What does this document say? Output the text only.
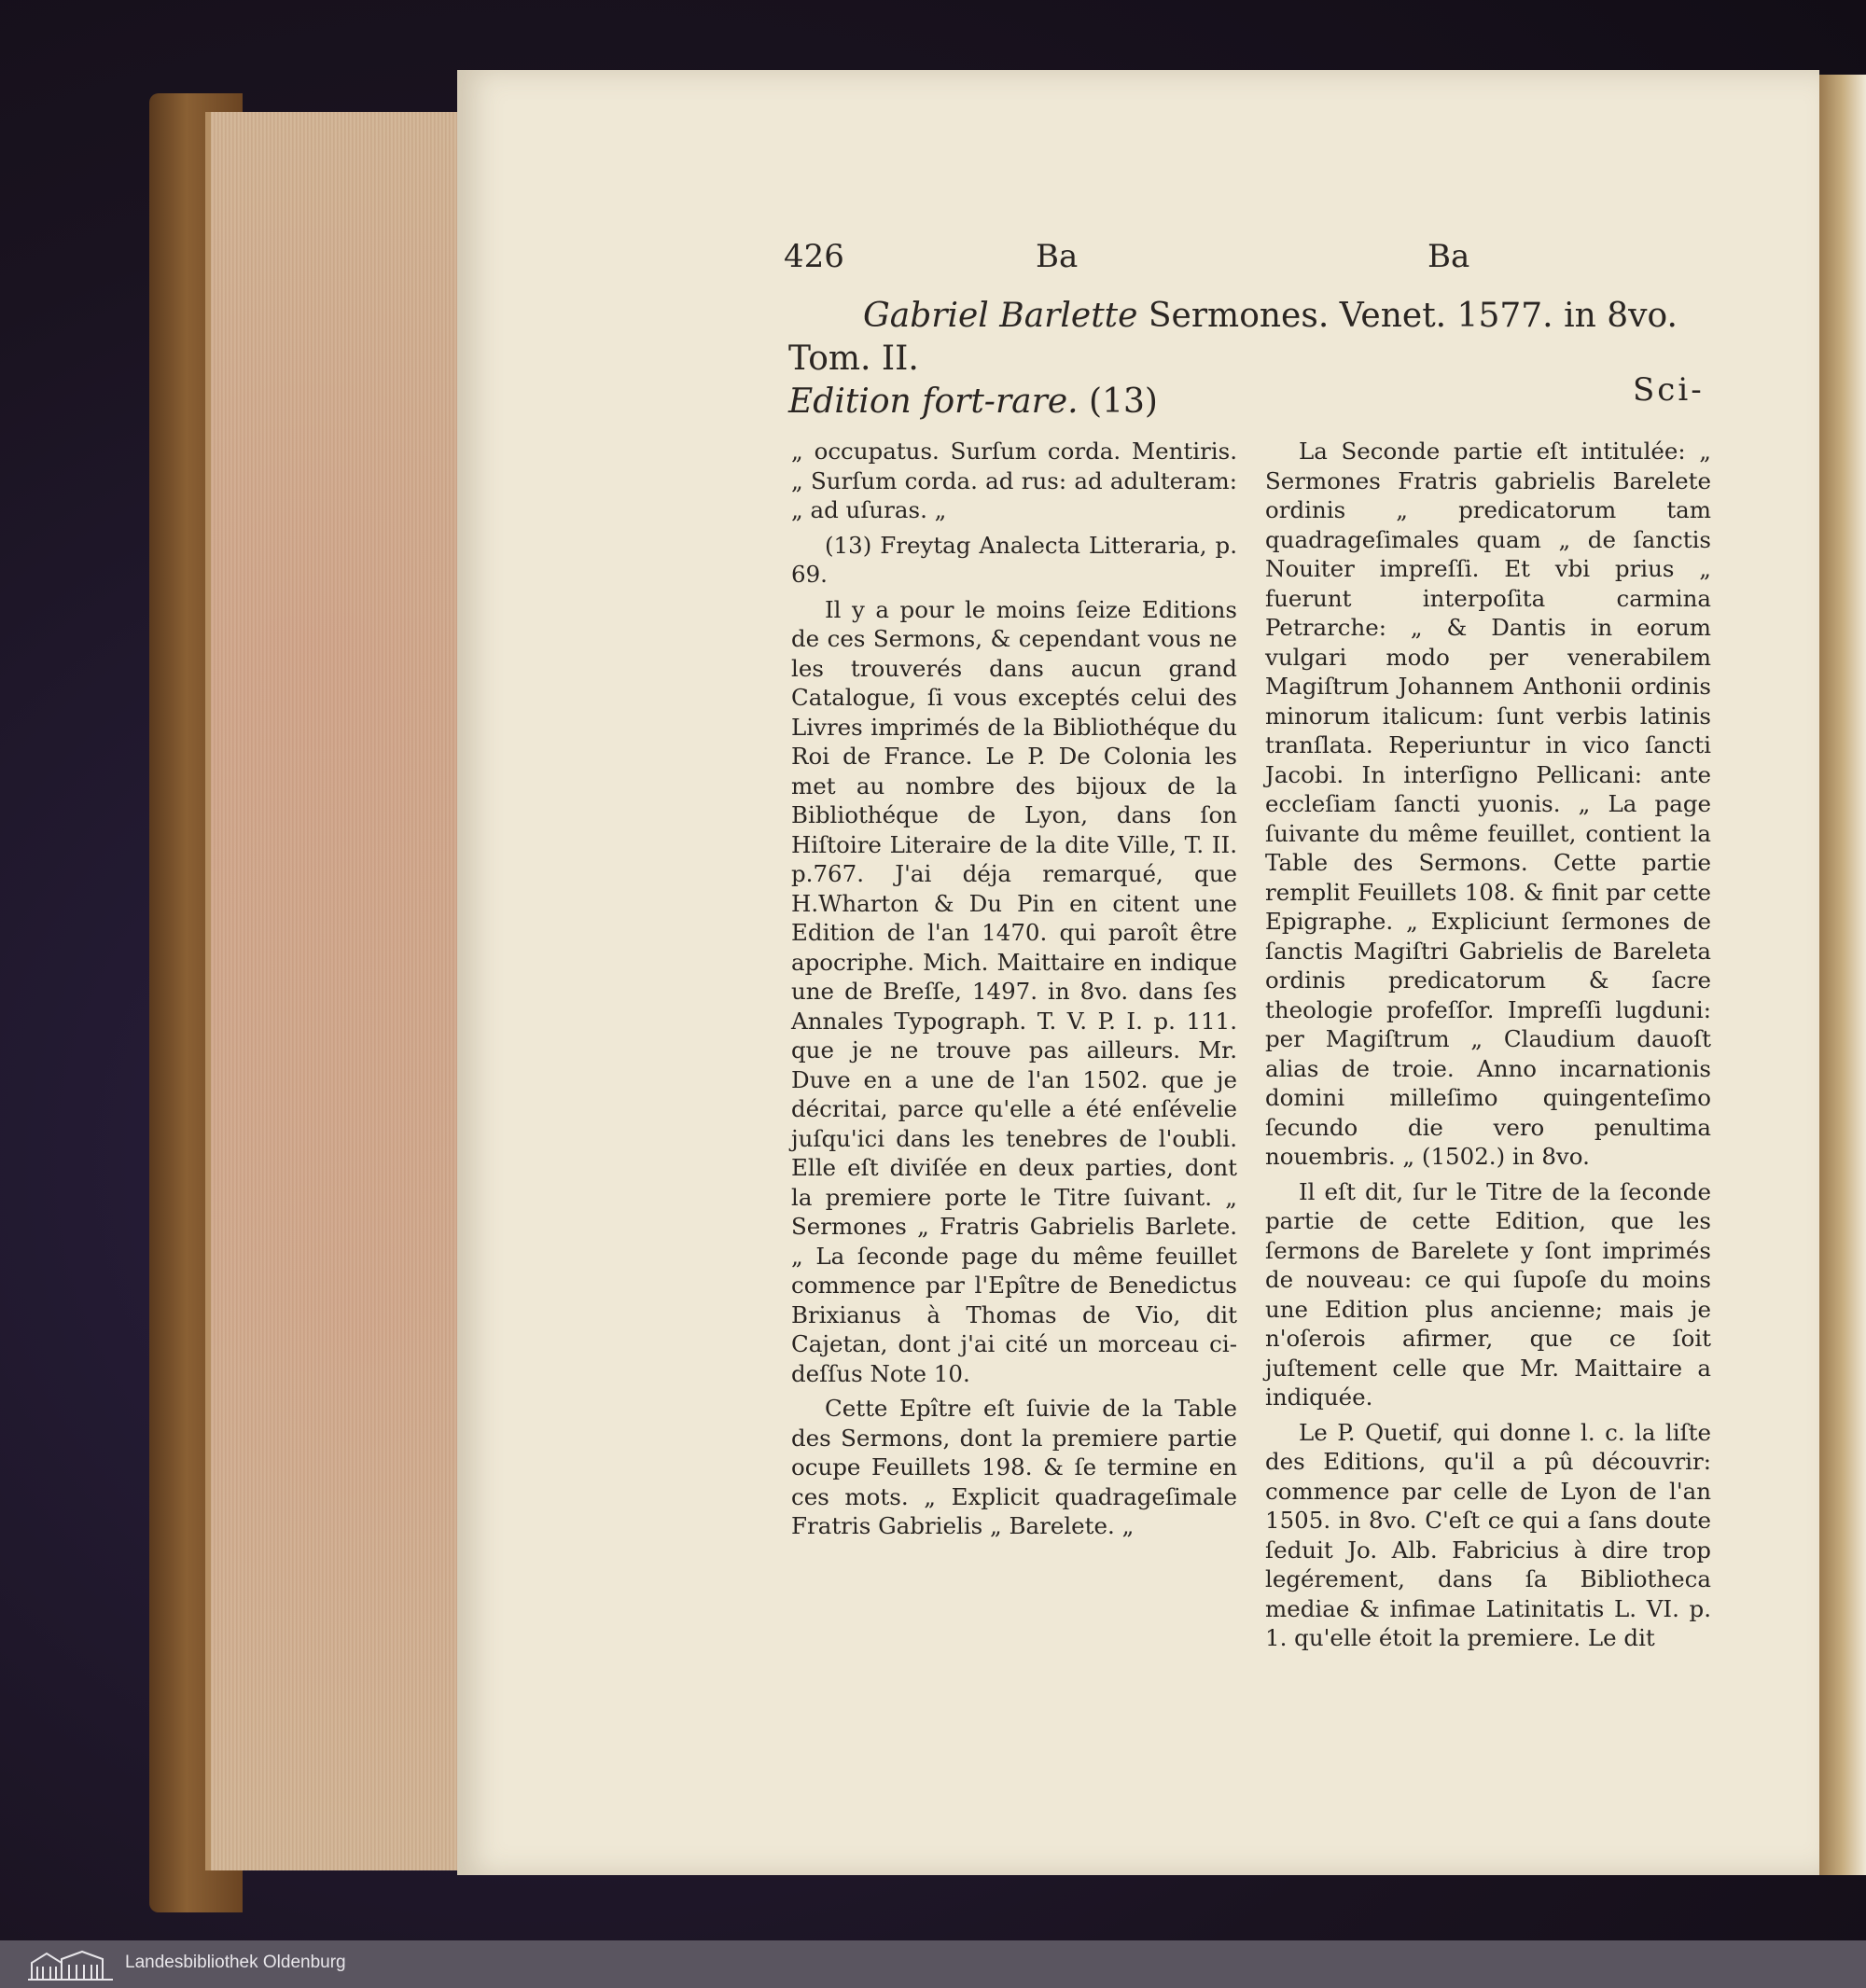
426	Ba	Ba
Gabriel Barlette Sermones. Venet. 1577. in 8vo. Tom. II.
Edition fort-rare. (13)	Sci-

„ occupatus. Surſum corda. Mentiris. „ Surſum corda. ad rus: ad adulteram: „ ad uſuras. „

(13) Freytag Analecta Litteraria, p. 69.

Il y a pour le moins ſeize Editions de ces Sermons, & cependant vous ne les trouverés dans aucun grand Catalogue, ſi vous exceptés celui des Livres imprimés de la Bibliothéque du Roi de France. Le P. De Colonia les met au nombre des bijoux de la Bibliothéque de Lyon, dans ſon Hiſtoire Literaire de la dite Ville, T. II. p.767. J'ai déja remarqué, que H.Wharton & Du Pin en citent une Edition de l'an 1470. qui paroît être apocriphe. Mich. Maittaire en indique une de Breſſe, 1497. in 8vo. dans ſes Annales Typograph. T. V. P. I. p. 111. que je ne trouve pas ailleurs. Mr. Duve en a une de l'an 1502. que je décritai, parce qu'elle a été enſévelie juſqu'ici dans les tenebres de l'oubli. Elle eſt diviſée en deux parties, dont la premiere porte le Titre ſuivant. „ Sermones „ Fratris Gabrielis Barlete. „ La ſeconde page du même feuillet commence par l'Epître de Benedictus Brixianus à Thomas de Vio, dit Cajetan, dont j'ai cité un morceau ci-deſſus Note 10.

Cette Epître eſt ſuivie de la Table des Sermons, dont la premiere partie ocupe Feuillets 198. & ſe termine en ces mots. „ Explicit quadrageſimale Fratris Gabrielis „ Barelete. „

La Seconde partie eſt intitulée: „ Sermones Fratris gabrielis Barelete ordinis „ predicatorum tam quadrageſimales quam „ de ſanctis Nouiter impreſſi. Et vbi prius „ fuerunt interpoſita carmina Petrarche: „ & Dantis in eorum vulgari modo per venerabilem Magiſtrum Johannem Anthonii ordinis minorum italicum: ſunt verbis latinis tranſlata. Reperiuntur in vico ſancti Jacobi. In interſigno Pellicani: ante eccleſiam ſancti yuonis. „ La page ſuivante du même feuillet, contient la Table des Sermons. Cette partie remplit Feuillets 108. & finit par cette Epigraphe. „ Expliciunt ſermones de ſanctis Magiſtri Gabrielis de Bareleta ordinis predicatorum & ſacre theologie profeſſor. Impreſſi lugduni: per Magiſtrum „ Claudium dauoſt alias de troie. Anno incarnationis domini milleſimo quingenteſimo ſecundo die vero penultima nouembris. „ (1502.) in 8vo.

Il eſt dit, ſur le Titre de la ſeconde partie de cette Edition, que les ſermons de Barelete y ſont imprimés de nouveau: ce qui ſupoſe du moins une Edition plus ancienne; mais je n'oſerois afirmer, que ce ſoit juſtement celle que Mr. Maittaire a indiquée.

Le P. Quetif, qui donne l. c. la liſte des Editions, qu'il a pû découvrir: commence par celle de Lyon de l'an 1505. in 8vo. C'eſt ce qui a ſans doute ſeduit Jo. Alb. Fabricius à dire trop legérement, dans ſa Bibliotheca mediae & infimae Latinitatis L. VI. p. 1. qu'elle étoit la premiere. Le dit

Landesbibliothek Oldenburg
